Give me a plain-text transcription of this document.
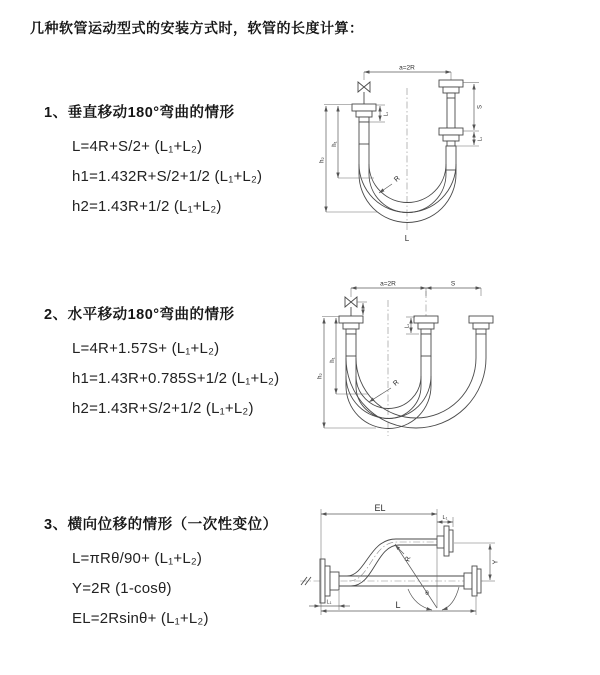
几种软管运动型式的安装方式时，软管的长度计算：
1、垂直移动180°弯曲的情形
L=4R+S/2+ (L₁+L₂)
h1=1.432R+S/2+1/2 (L₁+L₂)
h2=1.43R+1/2 (L₁+L₂)
2、水平移动180°弯曲的情形
L=4R+1.57S+ (L₁+L₂)
h1=1.43R+0.785S+1/2 (L₁+L₂)
h2=1.43R+S/2+1/2 (L₁+L₂)
3、横向位移的情形（一次性变位）
L=πRθ/90+ (L₁+L₂)
Y=2R (1-cosθ)
EL=2Rsinθ+ (L₁+L₂)
a=2R
h₂
h₁
L₁
S
L₁
R
L
a=2R	S
h₂
h₁
L₁
R
EL
L₁
Y
L
L₁
R
θ
